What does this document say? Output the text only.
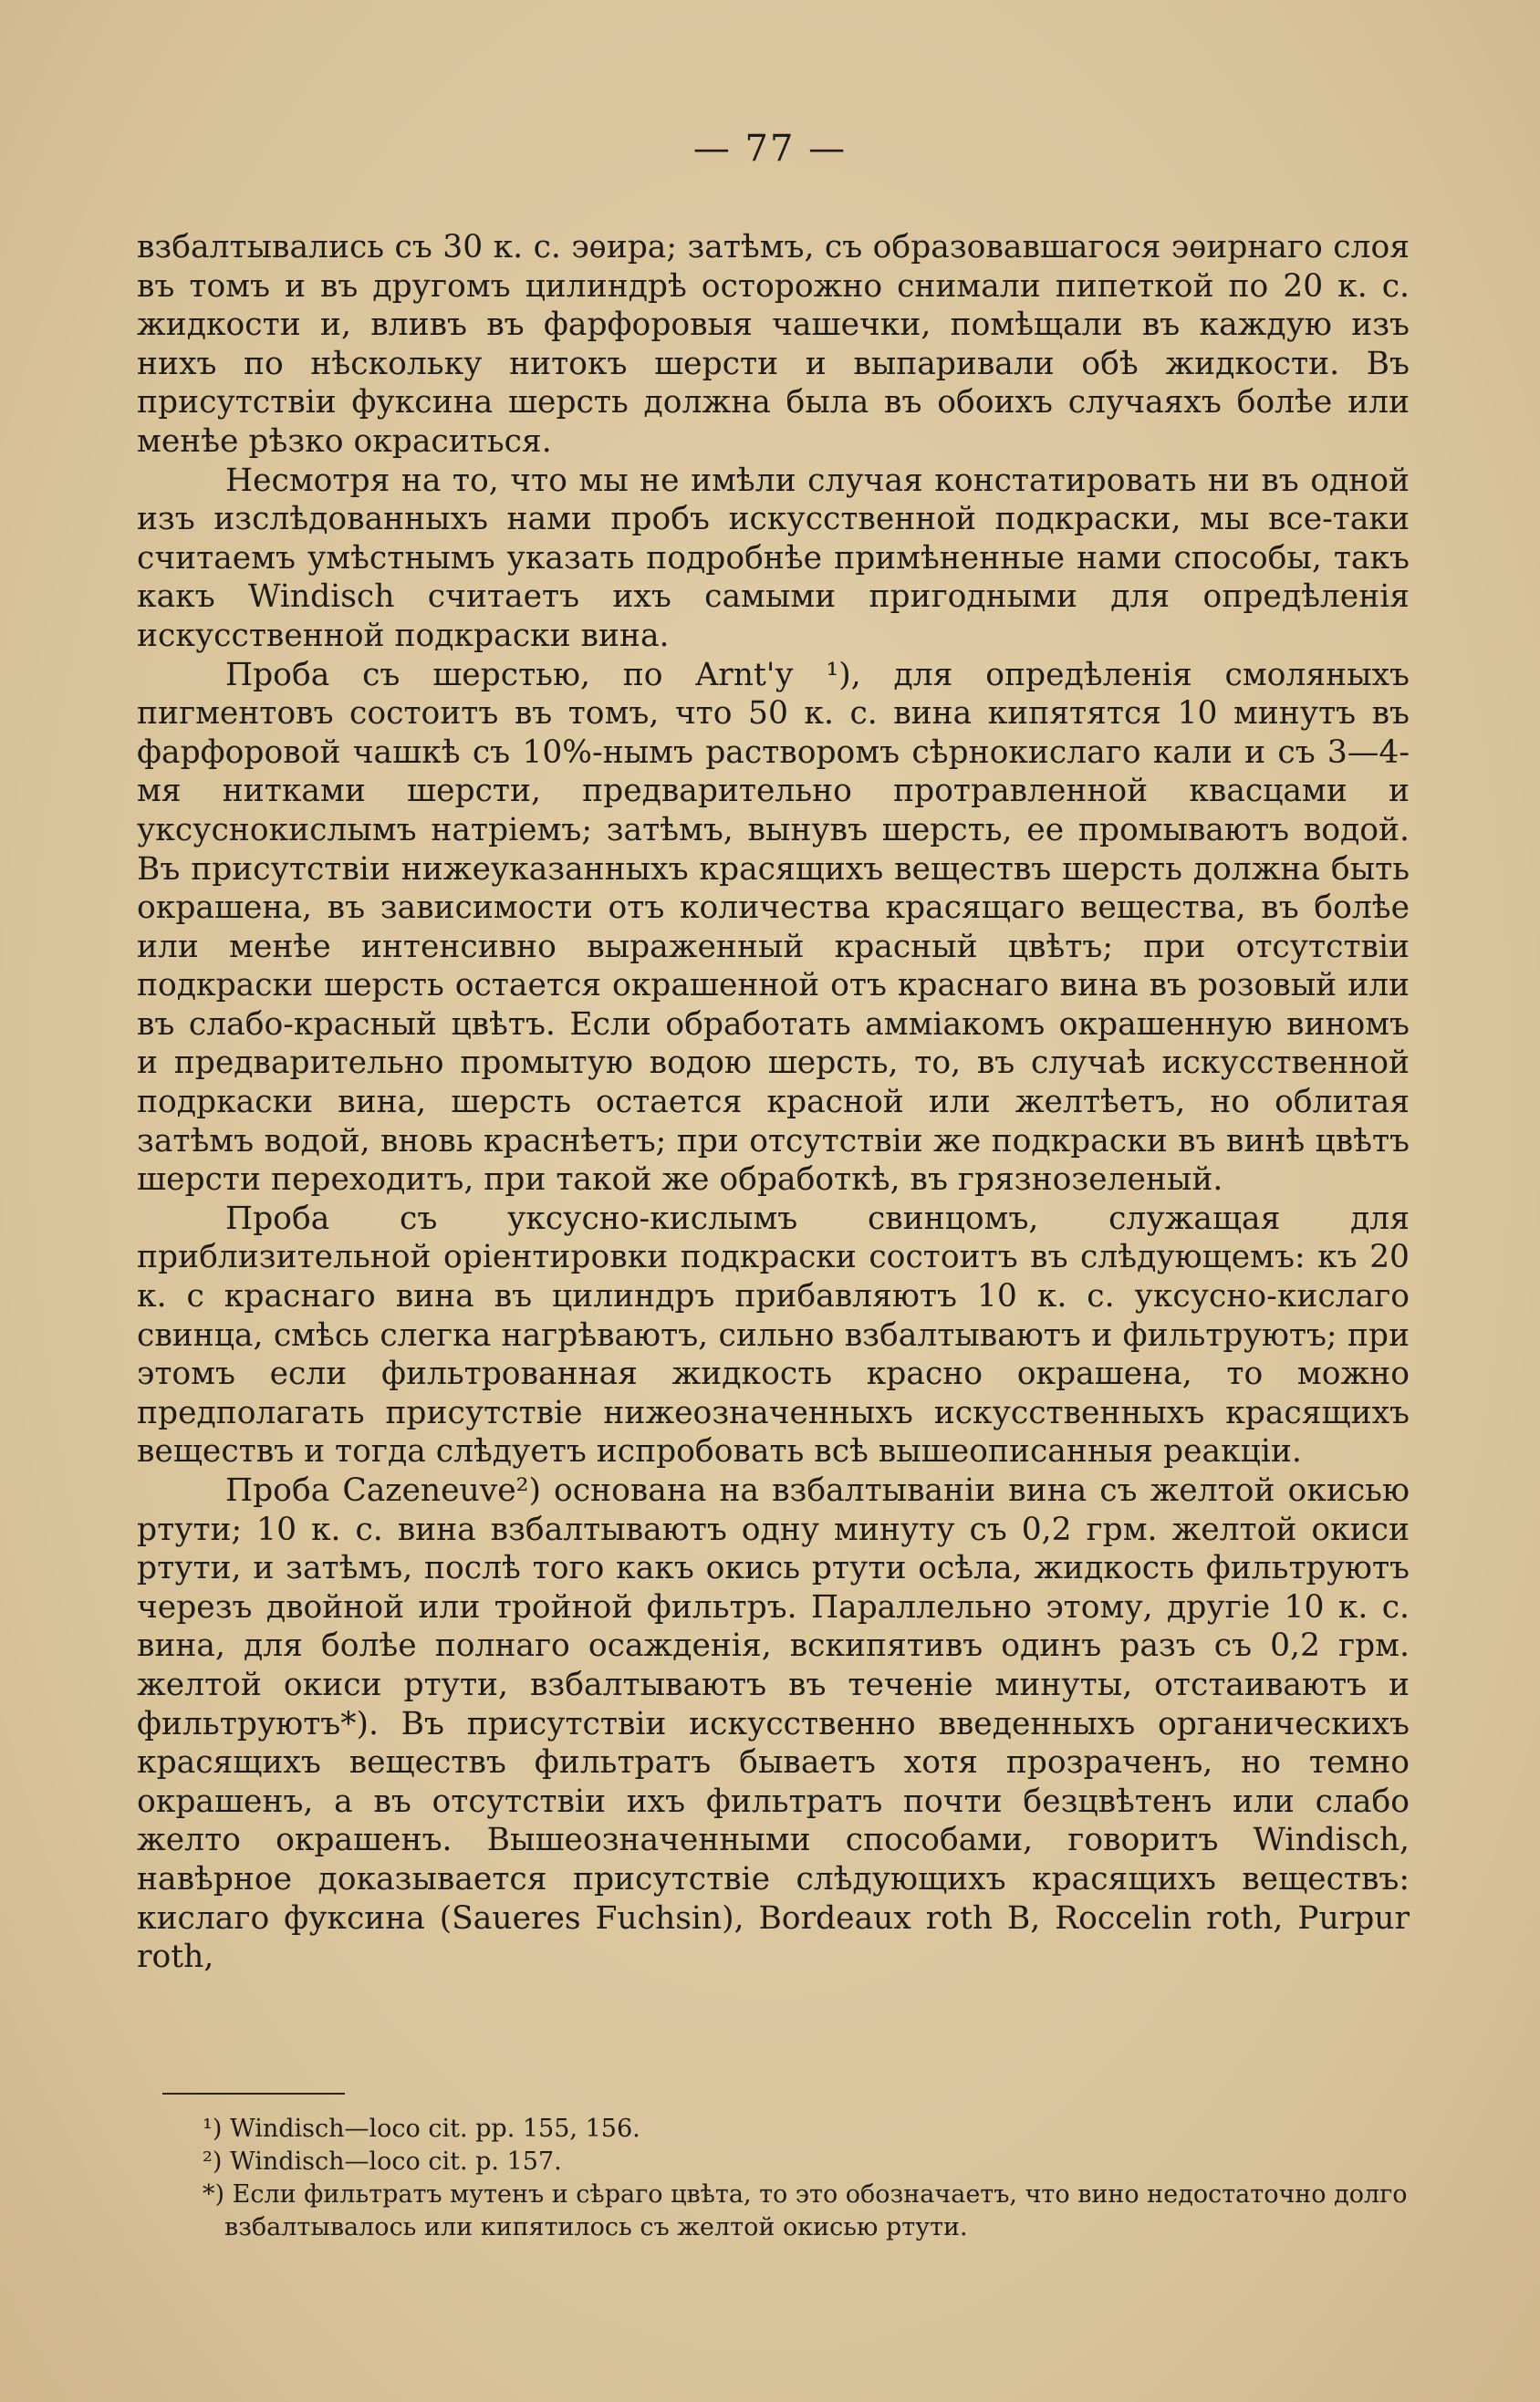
— 77 —

взбалтывались съ 30 к. с. эѳира; затѣмъ, съ образовавшагося эѳирнаго слоя въ томъ и въ другомъ цилиндрѣ осторожно снимали пипеткой по 20 к. с. жидкости и, вливъ въ фарфоровыя чашечки, помѣщали въ каждую изъ нихъ по нѣскольку нитокъ шерсти и выпаривали обѣ жидкости. Въ присутствіи фуксина шерсть должна была въ обоихъ случаяхъ болѣе или менѣе рѣзко окраситься.

Несмотря на то, что мы не имѣли случая констатировать ни въ одной изъ изслѣдованныхъ нами пробъ искусственной подкраски, мы все-таки считаемъ умѣстнымъ указать подробнѣе примѣненные нами способы, такъ какъ Windisch считаетъ ихъ самыми пригодными для опредѣленія искусственной подкраски вина.

Проба съ шерстью, по Arnt'у ¹), для опредѣленія смоляныхъ пигментовъ состоитъ въ томъ, что 50 к. с. вина кипятятся 10 минутъ въ фарфоровой чашкѣ съ 10%-нымъ растворомъ сѣрнокислаго кали и съ 3—4-мя нитками шерсти, предварительно протравленной квасцами и уксуснокислымъ натріемъ; затѣмъ, вынувъ шерсть, ее промываютъ водой. Въ присутствіи нижеуказанныхъ красящихъ веществъ шерсть должна быть окрашена, въ зависимости отъ количества красящаго вещества, въ болѣе или менѣе интенсивно выраженный красный цвѣтъ; при отсутствіи подкраски шерсть остается окрашенной отъ краснаго вина въ розовый или въ слабо-красный цвѣтъ. Если обработать аммiакомъ окрашенную виномъ и предварительно промытую водою шерсть, то, въ случаѣ искусственной подркаски вина, шерсть остается красной или желтѣетъ, но облитая затѣмъ водой, вновь краснѣетъ; при отсутствіи же подкраски въ винѣ цвѣтъ шерсти переходитъ, при такой же обработкѣ, въ грязнозеленый.

Проба съ уксусно-кислымъ свинцомъ, служащая для приблизительной оріентировки подкраски состоитъ въ слѣдующемъ: къ 20 к. с краснаго вина въ цилиндръ прибавляютъ 10 к. с. уксусно-кислаго свинца, смѣсь слегка нагрѣваютъ, сильно взбалтываютъ и фильтруютъ; при этомъ если фильтрованная жидкость красно окрашена, то можно предполагать присутствіе нижеозначенныхъ искусственныхъ красящихъ веществъ и тогда слѣдуетъ испробовать всѣ вышеописанныя реакціи.

Проба Cazeneuve²) основана на взбалтываніи вина съ желтой окисью ртути; 10 к. с. вина взбалтываютъ одну минуту съ 0,2 грм. желтой окиси ртути, и затѣмъ, послѣ того какъ окись ртути осѣла, жидкость фильтруютъ черезъ двойной или тройной фильтръ. Параллельно этому, другіе 10 к. с. вина, для болѣе полнаго осажденія, вскипятивъ одинъ разъ съ 0,2 грм. желтой окиси ртути, взбалтываютъ въ теченіе минуты, отстаиваютъ и фильтруютъ*). Въ присутствіи искусственно введенныхъ органическихъ красящихъ веществъ фильтратъ бываетъ хотя прозраченъ, но темно окрашенъ, а въ отсутствіи ихъ фильтратъ почти безцвѣтенъ или слабо желто окрашенъ. Вышеозначенными способами, говоритъ Windisch, навѣрное доказывается присутствіе слѣдующихъ красящихъ веществъ: кислаго фуксина (Saueres Fuchsin), Bordeaux roth B, Roccelin roth, Purpur roth,

¹) Windisch—loco cit. pp. 155, 156.

²) Windisch—loco cit. p. 157.

*) Если фильтратъ мутенъ и сѣраго цвѣта, то это обозначаетъ, что вино недостаточно долго взбалтывалось или кипятилось съ желтой окисью ртути.
